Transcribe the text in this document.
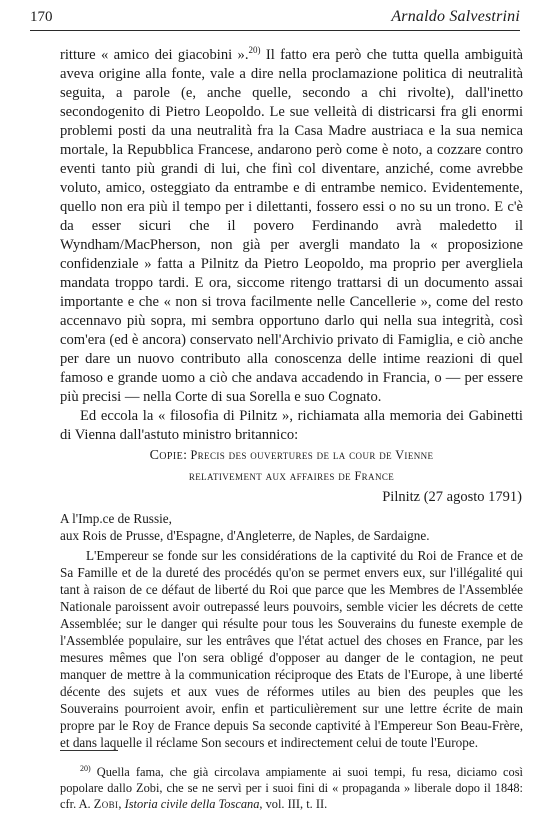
170	Arnaldo Salvestrini

ritture « amico dei giacobini ».$^{20)}$ Il fatto era però che tutta quella ambiguità aveva origine alla fonte, vale a dire nella proclamazione politica di neutralità seguita, a parole (e, anche quelle, secondo a chi rivolte), dall'inetto secondogenito di Pietro Leopoldo. Le sue velleità di districarsi fra gli enormi problemi posti da una neutralità fra la Casa Madre austriaca e la sua nemica mortale, la Repubblica Francese, andarono però come è noto, a cozzare contro eventi tanto più grandi di lui, che finì col diventare, anziché, come avrebbe voluto, amico, osteggiato da entrambe e di entrambe nemico. Evidentemente, quello non era più il tempo per i dilettanti, fossero essi o no su un trono. E c'è da esser sicuri che il povero Ferdinando avrà maledetto il Wyndham/MacPherson, non già per avergli mandato la « proposizione confidenziale » fatta a Pilnitz da Pietro Leopoldo, ma proprio per avergliela mandata troppo tardi. E ora, siccome ritengo trattarsi di un documento assai importante e che « non si trova facilmente nelle Cancellerie », come del resto accennavo più sopra, mi sembra opportuno darlo qui nella sua integrità, così com'era (ed è ancora) conservato nell'Archivio privato di Famiglia, e ciò anche per dare un nuovo contributo alla conoscenza delle intime reazioni di quel famoso e grande uomo a ciò che andava accadendo in Francia, o — per essere più precisi — nella Corte di sua Sorella e suo Cognato.

Ed eccola la « filosofia di Pilnitz », richiamata alla memoria dei Gabinetti di Vienna dall'astuto ministro britannico:

Copie: Precis des ouvertures de la cour de Vienne
relativement aux affaires de France
Pilnitz (27 agosto 1791)

A l'Imp.ce de Russie,

aux Rois de Prusse, d'Espagne, d'Angleterre, de Naples, de Sardaigne.

L'Empereur se fonde sur les considérations de la captivité du Roi de France et de Sa Famille et de la dureté des procédés qu'on se permet envers eux, sur l'illégalité qui tant à raison de ce défaut de liberté du Roi que parce que les Membres de l'Assemblée Nationale paroissent avoir outrepassé leurs pouvoirs, semble vicier les décrets de cette Assemblée; sur le danger qui résulte pour tous les Souverains du funeste exemple de l'Assemblée populaire, sur les entrâves que l'état actuel des choses en France, par les mesures mêmes que l'on sera obligé d'opposer au danger de le contagion, ne peut manquer de mettre à la communication réciproque des Etats de l'Europe, à une liberté décente des sujets et aux vues de réformes utiles au bien des peuples que les Souverains pourroient avoir, enfin et particulièrement sur une lettre écrite de main propre par le Roy de France depuis Sa seconde captivité à l'Empereur Son Beau-Frère, et dans laquelle il réclame Son secours et indirectement celui de toute l'Europe.

$^{20)}$ Quella fama, che già circolava ampiamente ai suoi tempi, fu resa, diciamo così popolare dallo Zobi, che se ne servì per i suoi fini di « propaganda » liberale dopo il 1848: cfr. A. Zobi, Istoria civile della Toscana, vol. III, t. II.
